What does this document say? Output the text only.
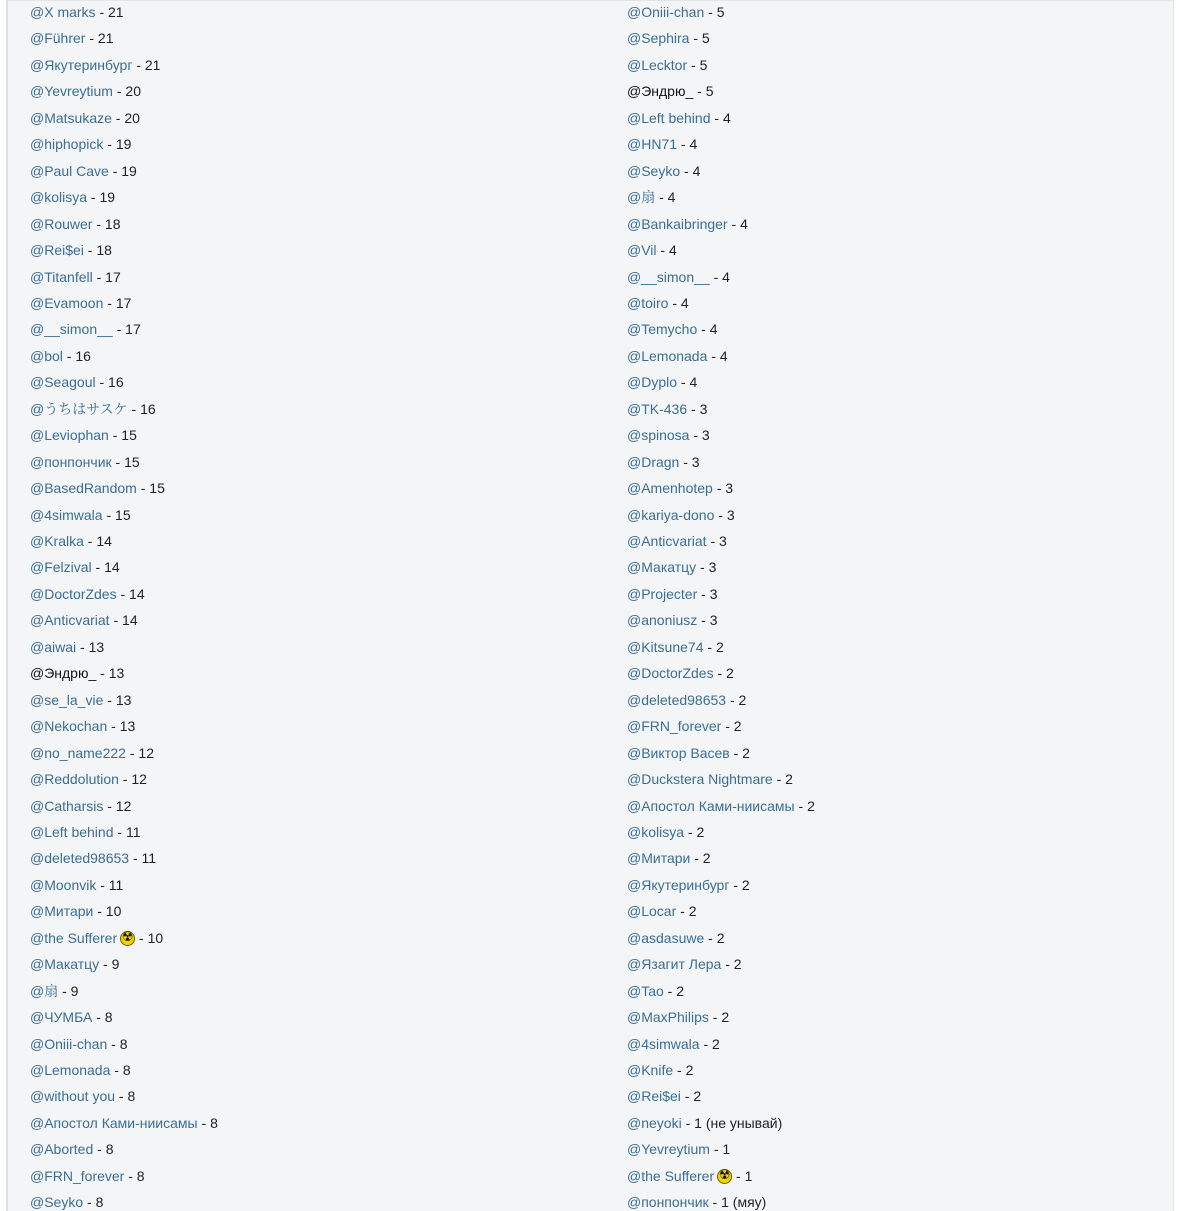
@X marks - 21
@Führer - 21
@Якутеринбург - 21
@Yevreytium - 20
@Matsukaze - 20
@hiphopick - 19
@Paul Cave - 19
@kolisya - 19
@Rouwer - 18
@Rei$ei - 18
@Titanfell - 17
@Evamoon - 17
@__simon__ - 17
@bol - 16
@Seagoul - 16
@うちはサスケ - 16
@Leviophan - 15
@понпончик - 15
@BasedRandom - 15
@4simwala - 15
@Kralka - 14
@Felzival - 14
@DoctorZdes - 14
@Anticvariat - 14
@aiwai - 13
@Эндрю_ - 13
@se_la_vie - 13
@Nekochan - 13
@no_name222 - 12
@Reddolution - 12
@Catharsis - 12
@Left behind - 11
@deleted98653 - 11
@Moonvik - 11
@Митари - 10
@the Sufferer☢ - 10
@Макатцу - 9
@扇 - 9
@ЧУМБА - 8
@Oniii-chan - 8
@Lemonada - 8
@without you - 8
@Апостол Ками-ниисамы - 8
@Aborted - 8
@FRN_forever - 8
@Seyko - 8
@Oniii-chan - 5
@Sephira - 5
@Lecktor - 5
@Эндрю_ - 5
@Left behind - 4
@HN71 - 4
@Seyko - 4
@扇 - 4
@Bankaibringer - 4
@Vil - 4
@__simon__ - 4
@toiro - 4
@Temycho - 4
@Lemonada - 4
@Dyplo - 4
@TK-436 - 3
@spinosa - 3
@Dragn - 3
@Amenhotep - 3
@kariya-dono - 3
@Anticvariat - 3
@Макатцу - 3
@Projecter - 3
@anoniusz - 3
@Kitsune74 - 2
@DoctorZdes - 2
@deleted98653 - 2
@FRN_forever - 2
@Виктор Васев - 2
@Duckstera Nightmare - 2
@Апостол Ками-ниисамы - 2
@kolisya - 2
@Митари - 2
@Якутеринбург - 2
@Locar - 2
@asdasuwe - 2
@Язагит Лера - 2
@Tao - 2
@MaxPhilips - 2
@4simwala - 2
@Knife - 2
@Rei$ei - 2
@neyoki - 1 (не унывай)
@Yevreytium - 1
@the Sufferer☢ - 1
@понпончик - 1 (мяу)
